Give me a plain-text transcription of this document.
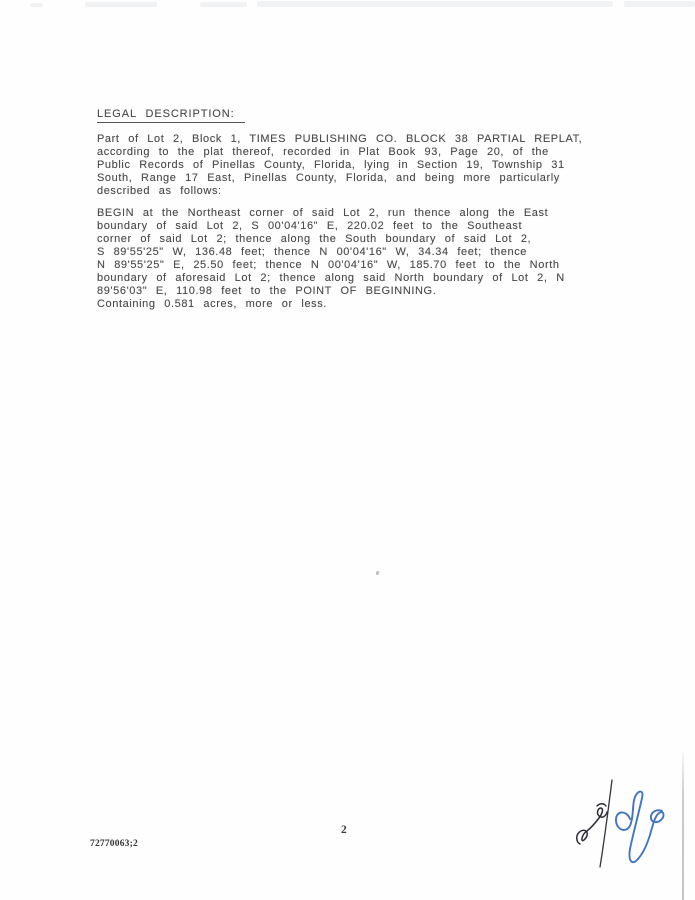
LEGAL DESCRIPTION:
Part of Lot 2, Block 1, TIMES PUBLISHING CO. BLOCK 38 PARTIAL REPLAT,
according to the plat thereof, recorded in Plat Book 93, Page 20, of the
Public Records of Pinellas County, Florida, lying in Section 19, Township 31
South, Range 17 East, Pinellas County, Florida, and being more particularly
described as follows:
BEGIN at the Northeast corner of said Lot 2, run thence along the East
boundary of said Lot 2, S 00'04'16" E, 220.02 feet to the Southeast
corner of said Lot 2; thence along the South boundary of said Lot 2,
S 89'55'25" W, 136.48 feet; thence N 00'04'16" W, 34.34 feet; thence
N 89'55'25" E, 25.50 feet; thence N 00'04'16" W, 185.70 feet to the North
boundary of aforesaid Lot 2; thence along said North boundary of Lot 2, N
89'56'03" E, 110.98 feet to the POINT OF BEGINNING.
Containing 0.581 acres, more or less.
2
72770063;2
